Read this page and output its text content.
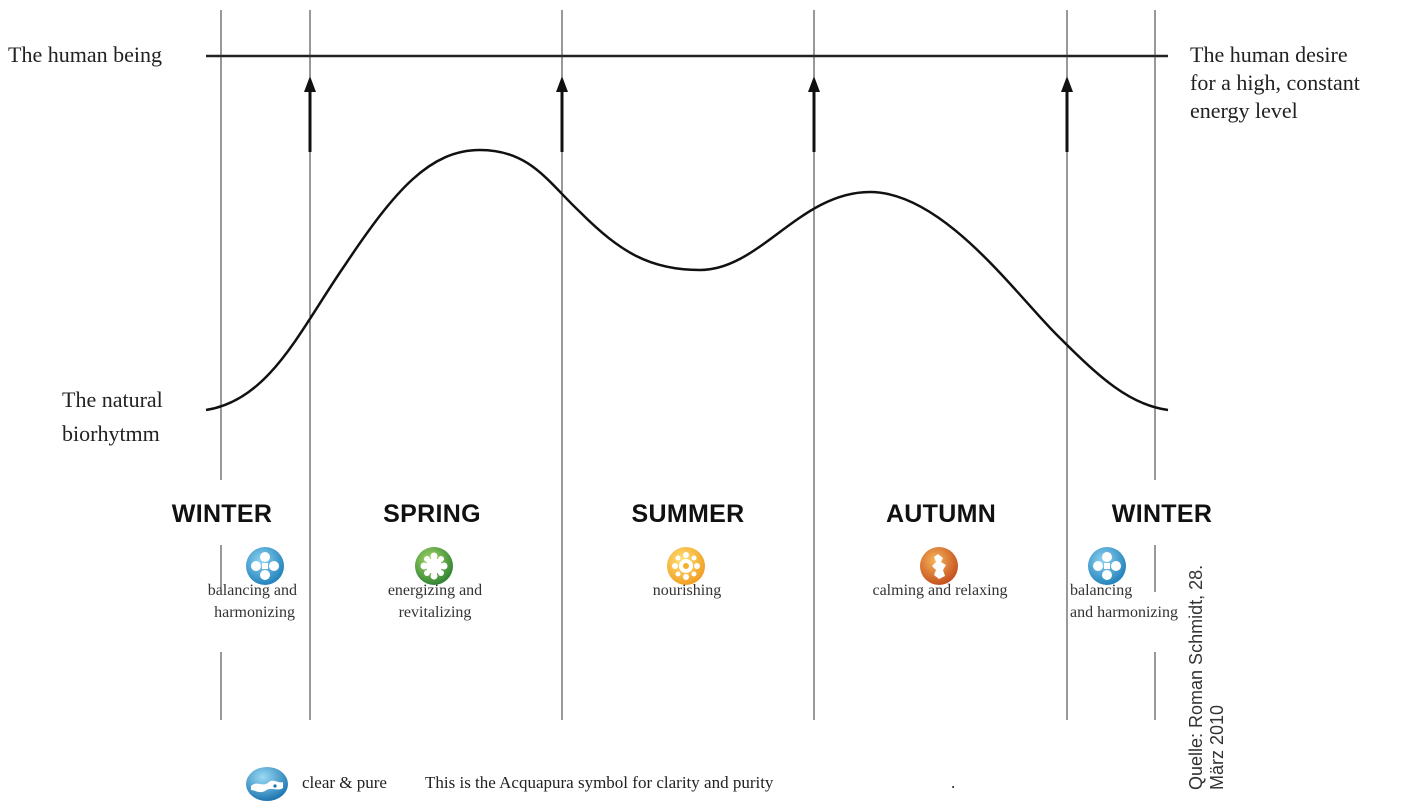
The human being	The human desire
for a high, constant
energy level
The natural
biorhytmm
WINTER	SPRING	SUMMER	AUTUMN	WINTER
balancing and
harmonizing
energizing and
revitalizing
nourishing	calming and relaxing	balancing
and harmonizing
clear & pure This is the Acquapura symbol for clarity and purity	.	Quelle: Roman Schmidt, 28. März 2010
